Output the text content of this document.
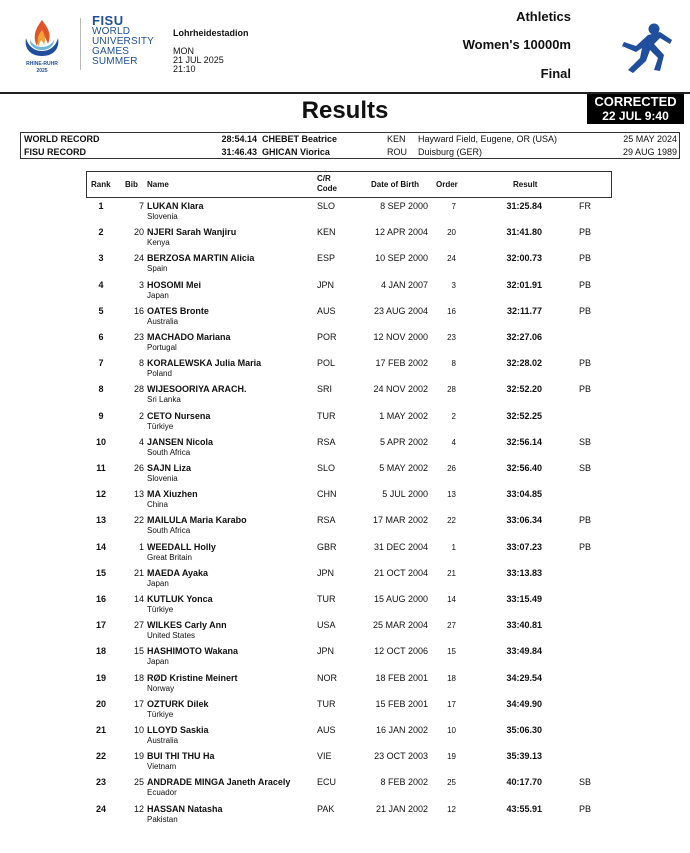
RHINE-RUHR
2025
FISU
WORLD
UNIVERSITY
GAMES
SUMMER
Lohrheidestadion
MON
21 JUL 2025
21:10
Athletics
Women's 10000m
Final
Results	CORRECTED
22 JUL 9:40
WORLD RECORD	28:54.14 CHEBET Beatrice	KEN Hayward Field, Eugene, OR (USA)	25 MAY 2024
FISU RECORD	31:46.43 GHICAN Viorica	ROU Duisburg (GER)	29 AUG 1989
Rank Bib Name
C/R
Code	Date of Birth Order	Result
1	7 LUKAN Klara
Slovenia
SLO	8 SEP 2000	7	31:25.84	FR
2	20 NJERI Sarah Wanjiru
Kenya
KEN	12 APR 2004	20	31:41.80	PB
3	24 BERZOSA MARTIN Alicia
Spain
ESP	10 SEP 2000	24	32:00.73	PB
4	3 HOSOMI Mei
Japan
JPN	4 JAN 2007	3	32:01.91	PB
5	16 OATES Bronte
Australia
AUS	23 AUG 2004	16	32:11.77	PB
6	23 MACHADO Mariana
Portugal
POR	12 NOV 2000	23	32:27.06
7	8 KORALEWSKA Julia Maria
Poland
POL	17 FEB 2002	8	32:28.02	PB
8	28 WIJESOORIYA ARACH.
Sri Lanka
SRI	24 NOV 2002	28	32:52.20	PB
9	2 CETO Nursena
Türkiye
TUR	1 MAY 2002	2	32:52.25
10	4 JANSEN Nicola
South Africa
RSA	5 APR 2002	4	32:56.14	SB
11	26 SAJN Liza
Slovenia
SLO	5 MAY 2002	26	32:56.40	SB
12	13 MA Xiuzhen
China
CHN	5 JUL 2000	13	33:04.85
13	22 MAILULA Maria Karabo
South Africa
RSA	17 MAR 2002	22	33:06.34	PB
14	1 WEEDALL Holly
Great Britain
GBR	31 DEC 2004	1	33:07.23	PB
15	21 MAEDA Ayaka
Japan
JPN	21 OCT 2004	21	33:13.83
16	14 KUTLUK Yonca
Türkiye
TUR	15 AUG 2000	14	33:15.49
17	27 WILKES Carly Ann
United States
USA	25 MAR 2004	27	33:40.81
18	15 HASHIMOTO Wakana
Japan
JPN	12 OCT 2006	15	33:49.84
19	18 RØD Kristine Meinert
Norway
NOR	18 FEB 2001	18	34:29.54
20	17 OZTURK Dilek
Türkiye
TUR	15 FEB 2001	17	34:49.90
21	10 LLOYD Saskia
Australia
AUS	16 JAN 2002	10	35:06.30
22	19 BUI THI THU Ha
Vietnam
VIE	23 OCT 2003	19	35:39.13
23	25 ANDRADE MINGA Janeth Aracely
Ecuador
ECU	8 FEB 2002	25	40:17.70	SB
24	12 HASSAN Natasha
Pakistan
PAK	21 JAN 2002	12	43:55.91	PB
